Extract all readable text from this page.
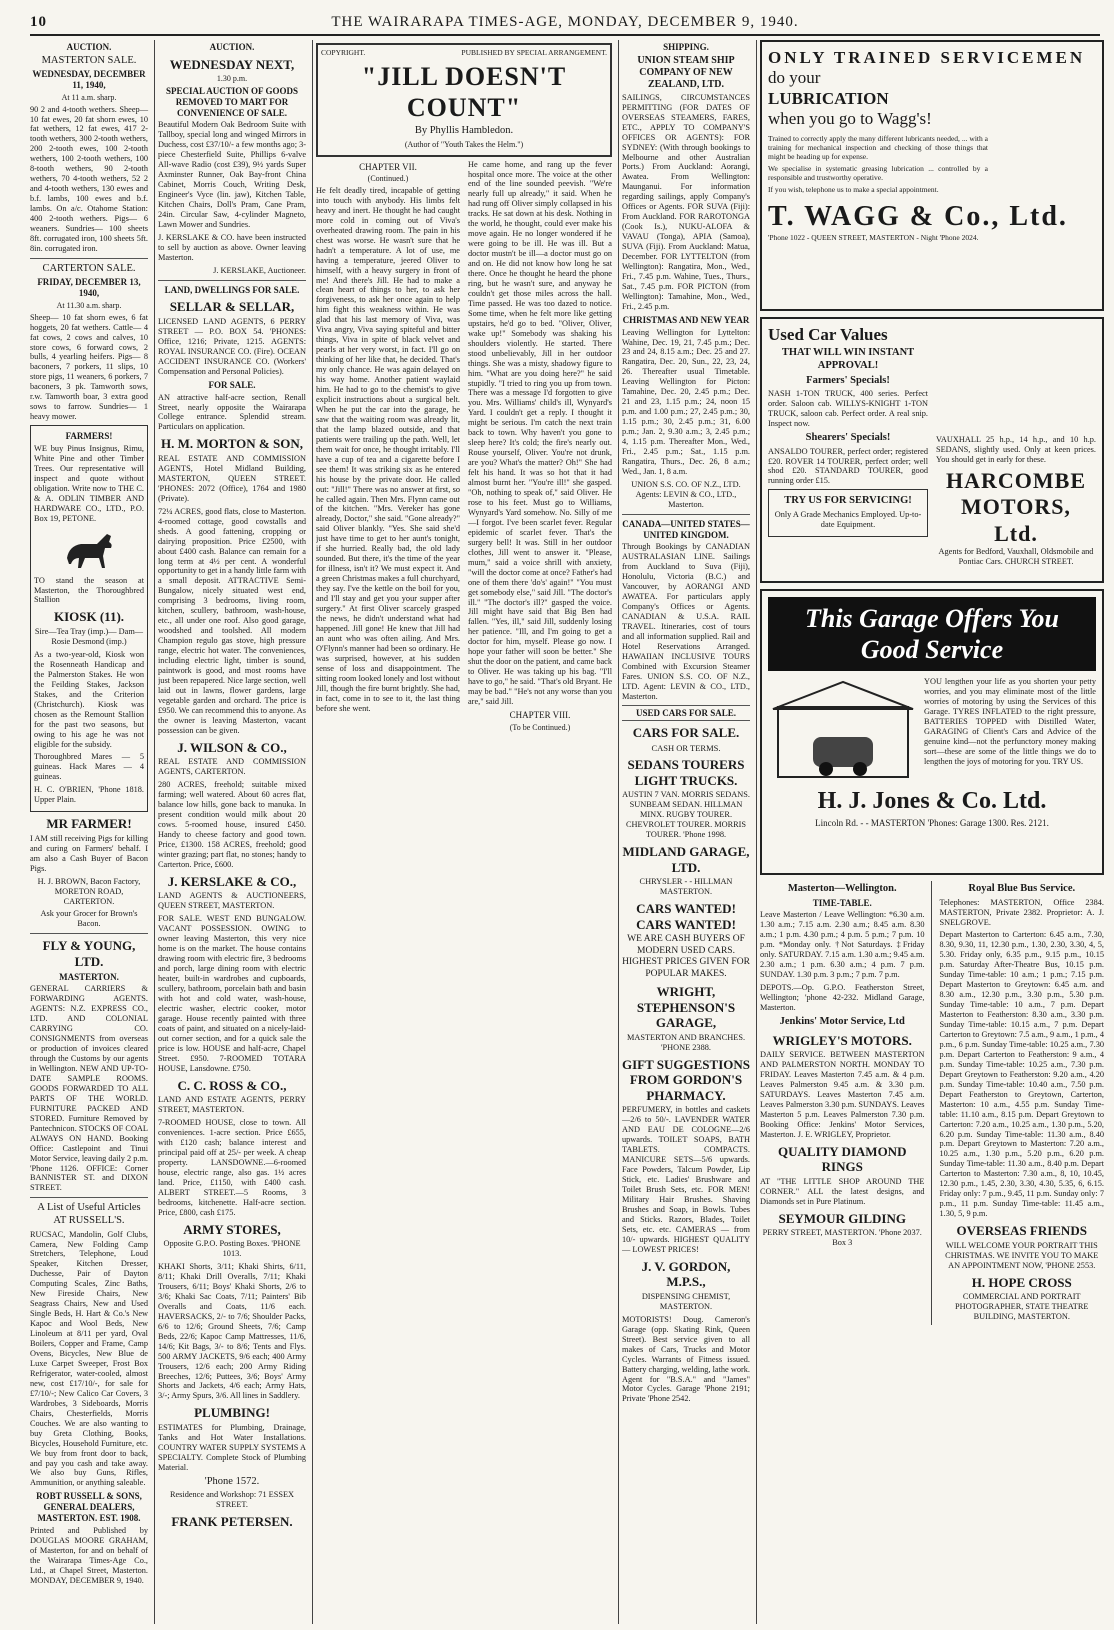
10	THE WAIRARAPA TIMES-AGE, MONDAY, DECEMBER 9, 1940.
AUCTION.
MASTERTON SALE.
WEDNESDAY, DECEMBER 11, 1940,
At 11 a.m. sharp.

90 2 and 4-tooth wethers. Sheep— 10 fat ewes, 20 fat shorn ewes, 10 fat wethers, 12 fat ewes, 417 2-tooth wethers, 300 2-tooth wethers, 200 2-tooth ewes, 100 2-tooth wethers, 100 2-tooth wethers, 100 8-tooth wethers, 90 2-tooth wethers, 70 4-tooth wethers, 52 2 and 4-tooth wethers, 130 ewes and b.f. lambs, 100 ewes and b.f. lambs. On a/c. Otahome Station: 400 2-tooth wethers. Pigs— 6 weaners. Sundries— 100 sheets 8ft. corrugated iron, 100 sheets 5ft. 8in. corrugated iron.

CARTERTON SALE.
FRIDAY, DECEMBER 13, 1940,
At 11.30 a.m. sharp.

Sheep— 10 fat shorn ewes, 6 fat hoggets, 20 fat wethers. Cattle— 4 fat cows, 2 cows and calves, 10 store cows, 6 forward cows, 2 bulls, 4 yearling heifers. Pigs— 8 baconers, 7 porkers, 11 slips, 10 store pigs, 11 weaners, 6 porkers, 7 baconers, 3 pk. Tamworth sows, r.w. Tamworth boar, 3 extra good sows to farrow. Sundries— 1 heavy mower.

FARMERS!

WE buy Pinus Insignus, Rimu, White Pine and other Timber Trees. Our representative will inspect and quote without obligation. Write now to THE C. & A. ODLIN TIMBER AND HARDWARE CO., LTD., P.O. Box 19, PETONE.

TO stand the season at Masterton, the Thoroughbred Stallion

KIOSK (11).

Sire—Tea Tray (imp.)— Dam—Rosie Desmond (imp.)

As a two-year-old, Kiosk won the Rosenneath Handicap and the Palmerston Stakes. He won the Feilding Stakes, Jackson Stakes, and the Criterion (Christchurch). Kiosk was chosen as the Remount Stallion for the past two seasons, but owing to his age he was not eligible for the subsidy.

Thoroughbred Mares — 5 guineas. Hack Mares — 4 guineas.

H. C. O'BRIEN, 'Phone 1818. Upper Plain.

MR FARMER!

I AM still receiving Pigs for killing and curing on Farmers' behalf. I am also a Cash Buyer of Bacon Pigs.

H. J. BROWN, Bacon Factory, MORETON ROAD, CARTERTON.

Ask your Grocer for Brown's Bacon.

FLY & YOUNG, LTD.
MASTERTON.

GENERAL CARRIERS & FORWARDING AGENTS. AGENTS: N.Z. EXPRESS CO., LTD. AND COLONIAL CARRYING CO. CONSIGNMENTS from overseas or production of invoices cleared through the Customs by our agents in Wellington. NEW AND UP-TO-DATE SAMPLE ROOMS. GOODS FORWARDED TO ALL PARTS OF THE WORLD. FURNITURE PACKED AND STORED. Furniture Removed by Pantechnicon. STOCKS OF COAL ALWAYS ON HAND. Booking Office: Castlepoint and Tinui Motor Service, leaving daily 2 p.m. 'Phone 1126. OFFICE: Corner BANNISTER ST. and DIXON STREET.

A List of Useful Articles AT RUSSELL'S.

RUCSAC, Mandolin, Golf Clubs, Camera, New Folding Camp Stretchers, Telephone, Loud Speaker, Kitchen Dresser, Duchesse, Pair of Dayton Computing Scales, Zinc Baths, New Fireside Chairs, New Seagrass Chairs, New and Used Single Beds, H. Hart & Co.'s New Kapoc and Wool Beds, New Linoleum at 8/11 per yard, Oval Boilers, Copper and Frame, Camp Ovens, Bicycles, New Blue de Luxe Carpet Sweeper, Frost Box Refrigerator, water-cooled, almost new, cost £17/10/-, for sale for £7/10/-; New Calico Car Covers, 3 Wardrobes, 3 Sideboards, Morris Chairs, Chesterfields, Morris Couches. We are also wanting to buy Greta Clothing, Books, Bicycles, Household Furniture, etc. We buy from front door to back, and pay you cash and take away. We also buy Guns, Rifles, Ammunition, or anything saleable.

ROBT RUSSELL & SONS, GENERAL DEALERS, MASTERTON. EST. 1908.

Printed and Published by DOUGLAS MOORE GRAHAM, of Masterton, for and on behalf of the Wairarapa Times-Age Co., Ltd., at Chapel Street, Masterton. MONDAY, DECEMBER 9, 1940.

AUCTION.
WEDNESDAY NEXT,
1.30 p.m.
SPECIAL AUCTION OF GOODS REMOVED TO MART FOR CONVENIENCE OF SALE.

Beautiful Modern Oak Bedroom Suite with Tallboy, special long and winged Mirrors in Duchess, cost £37/10/- a few months ago; 3-piece Chesterfield Suite, Phillips 6-valve All-wave Radio (cost £39), 9½ yards Super Axminster Runner, Oak Bay-front China Cabinet, Morris Couch, Writing Desk, Engineer's Vyce (lin. jaw), Kitchen Table, Kitchen Chairs, Doll's Pram, Cane Pram, 24in. Circular Saw, 4-cylinder Magneto, Lawn Mower and Sundries.

J. KERSLAKE & CO. have been instructed to sell by auction as above. Owner leaving Masterton.

J. KERSLAKE, Auctioneer.

LAND, DWELLINGS FOR SALE.
SELLAR & SELLAR,

LICENSED LAND AGENTS, 6 PERRY STREET — P.O. BOX 54. 'PHONES: Office, 1216; Private, 1215. AGENTS: ROYAL INSURANCE CO. (Fire). OCEAN ACCIDENT INSURANCE CO. (Workers' Compensation and Personal Policies).

FOR SALE.

AN attractive half-acre section, Renall Street, nearly opposite the Wairarapa College entrance. Splendid stream. Particulars on application.

H. M. MORTON & SON,

REAL ESTATE AND COMMISSION AGENTS, Hotel Midland Building, MASTERTON, QUEEN STREET. 'PHONES: 2072 (Office), 1764 and 1980 (Private).

72¼ ACRES, good flats, close to Masterton. 4-roomed cottage, good cowstalls and sheds. A good fattening, cropping or dairying proposition. Price £2500, with about £400 cash. Balance can remain for a long term at 4½ per cent. A wonderful opportunity to get in a handy little farm with a small deposit. ATTRACTIVE Semi-Bungalow, nicely situated west end, comprising 3 bedrooms, living room, kitchen, scullery, bathroom, wash-house, etc., all under one roof. Also good garage, woodshed and toolshed. All modern Champion regulo gas stove, high pressure range, electric hot water. The conveniences, including electric light, timber is sound, paintwork is good, and most rooms have just been repapered. Nice large section, well laid out in lawns, flower gardens, large vegetable garden and orchard. The price is £950. We can recommend this to anyone. As the owner is leaving Masterton, vacant possession can be given.

J. WILSON & CO.,

REAL ESTATE AND COMMISSION AGENTS, CARTERTON.

280 ACRES, freehold; suitable mixed farming; well watered. About 60 acres flat, balance low hills, gone back to manuka. In present condition would milk about 20 cows. 5-roomed house, insured £450. Handy to cheese factory and good town. Price, £1300. 158 ACRES, freehold; good winter grazing; part flat, no stones; handy to Carterton. Price, £600.

J. KERSLAKE & CO.,

LAND AGENTS & AUCTIONEERS, QUEEN STREET, MASTERTON.

FOR SALE. WEST END BUNGALOW. VACANT POSSESSION. OWING to owner leaving Masterton, this very nice home is on the market. The house contains drawing room with electric fire, 3 bedrooms and porch, large dining room with electric heater, built-in wardrobes and cupboards, scullery, bathroom, porcelain bath and basin with hot and cold water, wash-house, electric washer, electric cooker, motor garage. House recently painted with three coats of paint, and situated on a nicely-laid-out corner section, and for a quick sale the price is low. HOUSE and half-acre, Chapel Street. £950. 7-ROOMED TOTARA HOUSE, Lansdowne. £750.

C. C. ROSS & CO.,

LAND AND ESTATE AGENTS, PERRY STREET, MASTERTON.

7-ROOMED HOUSE, close to town. All conveniences. 1-acre section. Price £655, with £120 cash; balance interest and principal paid off at 25/- per week. A cheap property. LANSDOWNE.—6-roomed house, electric range, also gas. 1½ acres land. Price, £1150, with £400 cash. ALBERT STREET.—5 Rooms, 3 bedrooms, kitchenette. Half-acre section. Price, £800, cash £175.

ARMY STORES,

Opposite G.P.O. Posting Boxes. 'PHONE 1013.

KHAKI Shorts, 3/11; Khaki Shirts, 6/11, 8/11; Khaki Drill Overalls, 7/11; Khaki Trousers, 6/11; Boys' Khaki Shorts, 2/6 to 3/6; Khaki Sac Coats, 7/11; Painters' Bib Overalls and Coats, 11/6 each. HAVERSACKS, 2/- to 7/6; Shoulder Packs, 6/6 to 12/6; Ground Sheets, 7/6; Camp Beds, 22/6; Kapoc Camp Mattresses, 11/6, 14/6; Kit Bags, 3/- to 8/6; Tents and Flys. 500 ARMY JACKETS, 9/6 each; 400 Army Trousers, 12/6 each; 200 Army Riding Breeches, 12/6; Puttees, 3/6; Boys' Army Shorts and Jackets, 4/6 each; Army Hats, 3/-; Army Spurs, 3/6. All lines in Saddlery.

PLUMBING!

ESTIMATES for Plumbing, Drainage, Tanks and Hot Water Installations. COUNTRY WATER SUPPLY SYSTEMS A SPECIALTY. Complete Stock of Plumbing Material.

'Phone 1572.

Residence and Workshop: 71 ESSEX STREET.

FRANK PETERSEN.
COPYRIGHT.	PUBLISHED BY SPECIAL ARRANGEMENT.
"JILL DOESN'T COUNT"
By Phyllis Hambledon.
(Author of "Youth Takes the Helm.")
CHAPTER VII.
(Continued.)

He felt deadly tired, incapable of getting into touch with anybody. His limbs felt heavy and inert. He thought he had caught more cold in coming out of Viva's overheated drawing room. The pain in his chest was worse. He wasn't sure that he hadn't a temperature. A lot of use, me having a temperature, jeered Oliver to himself, with a heavy surgery in front of me! And there's Jill. He had to make a clean heart of things to her, to ask her forgiveness, to ask her once again to help him fight this weakness within. He was glad that his last memory of Viva, was Viva angry, Viva saying spiteful and bitter things, Viva in spite of black velvet and pearls at her very worst, in fact. I'll go on thinking of her like that, he decided. That's my only chance. He was again delayed on his way home. Another patient waylaid him. He had to go to the chemist's to give explicit instructions about a surgical belt. When he put the car into the garage, he saw that the waiting room was already lit, that the lamp blazed outside, and that patients were trailing up the path. Well, let them wait for once, he thought irritably. I'll have a cup of tea and a cigarette before I see them! It was striking six as he entered his house by the private door. He called out: "Jill!" There was no answer at first, so he called again. Then Mrs. Flynn came out of the kitchen. "Mrs. Vereker has gone already, Doctor," she said. "Gone already?" said Oliver blankly. "Yes. She said she'd just have time to get to her aunt's tonight, if she hurried. Really bad, the old lady sounded. But there, it's the time of the year for illness, isn't it? We must expect it. And a green Christmas makes a full churchyard, they say. I've the kettle on the boil for you, and I'll stay and get you your supper after surgery." At first Oliver scarcely grasped the news, he didn't understand what had happened. Jill gone! He knew that Jill had an aunt who was often ailing. And Mrs. O'Flynn's manner had been so ordinary. He was surprised, however, at his sudden sense of loss and disappointment. The sitting room looked lonely and lost without Jill, though the fire burnt brightly. She had, in fact, come in to see to it, the last thing before she went.

He came home, and rang up the fever hospital once more. The voice at the other end of the line sounded peevish. "We're nearly full up already," it said. When he had rung off Oliver simply collapsed in his tracks. He sat down at his desk. Nothing in the world, he thought, could ever make his move again. He no longer wondered if he were going to be ill. He was ill. But a doctor mustn't be ill—a doctor must go on and on. He did not know how long he sat there. Once he thought he heard the phone ring, but he wasn't sure, and anyway he couldn't get those miles across the hall. Time passed. He was too dazed to notice. Some time, when he felt more like getting upstairs, he'd go to bed. "Oliver, Oliver, wake up!" Somebody was shaking his shoulders violently. He started. There stood unbelievably, Jill in her outdoor things. She was a misty, shadowy figure to him. "What are you doing here?" he said stupidly. "I tried to ring you up from town. There was a message I'd forgotten to give you. Mrs. Williams' child's ill, Wynyard's Yard. I couldn't get a reply. I thought it might be serious. I'm catch the next train back to town. Why haven't you gone to sleep here? It's cold; the fire's nearly out. Rouse yourself, Oliver. You're not drunk, are you? What's the matter? Oh!" She had felt his hand. It was so hot that it had almost burnt her. "You're ill!" she gasped. "Oh, nothing to speak of," said Oliver. He rose to his feet. Must go to Williams, Wynyard's Yard somehow. No. Silly of me—I forgot. I've been scarlet fever. Regular epidemic of scarlet fever. That's the surgery bell! It was. Still in her outdoor clothes, Jill went to answer it. "Please, mum," said a voice shrill with anxiety, "will the doctor come at once? Father's had one of them there 'do's' again!" "You must get somebody else," said Jill. "The doctor's ill." "The doctor's ill?" gasped the voice. Jill might have said that Big Ben had fallen. "Yes, ill," said Jill, suddenly losing her patience. "Ill, and I'm going to get a doctor for him, myself. Please go now. I hope your father will soon be better." She shut the door on the patient, and came back to Oliver. He was taking up his bag. "I'll have to go," he said. "That's old Bryant. He may be bad." "He's not any worse than you are," said Jill.

CHAPTER VIII.
(To be Continued.)
SHIPPING.
UNION STEAM SHIP COMPANY OF NEW ZEALAND, LTD.

SAILINGS, CIRCUMSTANCES PERMITTING (FOR DATES OF OVERSEAS STEAMERS, FARES, ETC., APPLY TO COMPANY'S OFFICES OR AGENTS): FOR SYDNEY: (With through bookings to Melbourne and other Australian Ports.) From Auckland: Aorangi, Awatea. From Wellington: Maunganui. For information regarding sailings, apply Company's Offices or Agents. FOR SUVA (Fiji): From Auckland. FOR RAROTONGA (Cook Is.), NUKU-ALOFA & VAVAU (Tonga), APIA (Samoa), SUVA (Fiji). From Auckland: Matua, December. FOR LYTTELTON (from Wellington): Rangatira, Mon., Wed., Fri., 7.45 p.m. Wahine, Tues., Thurs., Sat., 7.45 p.m. FOR PICTON (from Wellington): Tamahine, Mon., Wed., Fri., 2.45 p.m.

CHRISTMAS AND NEW YEAR

Leaving Wellington for Lyttelton: Wahine, Dec. 19, 21, 7.45 p.m.; Dec. 23 and 24, 8.15 a.m.; Dec. 25 and 27. Rangatira, Dec. 20, Sun., 22, 23, 24, 26. Thereafter usual Timetable. Leaving Wellington for Picton: Tamahine, Dec. 20, 2.45 p.m.; Dec. 21 and 23, 1.15 p.m.; 24, noon 15 p.m. and 1.00 p.m.; 27, 2.45 p.m.; 30, 1.15 p.m.; 30, 2.45 p.m.; 31, 6.00 p.m.; Jan. 2, 9.30 a.m.; 3, 2.45 p.m.; 4, 1.15 p.m. Thereafter Mon., Wed., Fri., 2.45 p.m.; Sat., 1.15 p.m. Rangatira, Thurs., Dec. 26, 8 a.m.; Wed., Jan. 1, 8 a.m.

UNION S.S. CO. OF N.Z., LTD. Agents: LEVIN & CO., LTD., Masterton.

CANADA—UNITED STATES—UNITED KINGDOM.

Through Bookings by CANADIAN AUSTRALASIAN LINE. Sailings from Auckland to Suva (Fiji), Honolulu, Victoria (B.C.) and Vancouver, by AORANGI AND AWATEA. For particulars apply Company's Offices or Agents. CANADIAN & U.S.A. RAIL TRAVEL. Itineraries, cost of tours and all information supplied. Rail and Hotel Reservations Arranged. HAWAIIAN INCLUSIVE TOURS Combined with Excursion Steamer Fares. UNION S.S. CO. OF N.Z., LTD. Agent: LEVIN & CO., LTD., Masterton.

USED CARS FOR SALE.
CARS FOR SALE.
CASH OR TERMS.
SEDANS TOURERS LIGHT TRUCKS.

AUSTIN 7 VAN. MORRIS SEDANS. SUNBEAM SEDAN. HILLMAN MINX. RUGBY TOURER. CHEVROLET TOURER. MORRIS TOURER. 'Phone 1998.

MIDLAND GARAGE, LTD.

CHRYSLER - - HILLMAN MASTERTON.

CARS WANTED! CARS WANTED!

WE ARE CASH BUYERS OF MODERN USED CARS. HIGHEST PRICES GIVEN FOR POPULAR MAKES.

WRIGHT, STEPHENSON'S GARAGE,

MASTERTON AND BRANCHES. 'PHONE 2388.

GIFT SUGGESTIONS FROM GORDON'S PHARMACY.

PERFUMERY, in bottles and caskets—2/6 to 50/-. LAVENDER WATER AND EAU DE COLOGNE—2/6 upwards. TOILET SOAPS, BATH TABLETS. COMPACTS. MANICURE SETS—5/6 upwards. Face Powders, Talcum Powder, Lip Stick, etc. Ladies' Brushware and Toilet Brush Sets, etc. FOR MEN! Military Hair Brushes. Shaving Brushes and Soap, in Bowls. Tubes and Sticks. Razors, Blades, Toilet Sets, etc. etc. CAMERAS — from 10/- upwards. HIGHEST QUALITY— LOWEST PRICES!

J. V. GORDON, M.P.S.,

DISPENSING CHEMIST, MASTERTON.

MOTORISTS! Doug. Cameron's Garage (opp. Skating Rink, Queen Street). Best service given to all makes of Cars, Trucks and Motor Cycles. Warrants of Fitness issued. Battery charging, welding, lathe work. Agent for "B.S.A." and "James" Motor Cycles. Garage 'Phone 2191; Private 'Phone 2542.

ONLY TRAINED SERVICEMEN
do your
LUBRICATION
when you go to Wagg's!

Trained to correctly apply the many different lubricants needed, ... with a training for mechanical inspection and checking of those things that might be heading up for expense.

We specialise in systematic greasing lubrication ... controlled by a responsible and trustworthy operative.

If you wish, telephone us to make a special appointment.

T. WAGG & Co., Ltd.
'Phone 1022 - QUEEN STREET, MASTERTON - Night 'Phone 2024.
Used Car Values
THAT WILL WIN INSTANT APPROVAL!
Farmers' Specials!

NASH 1-TON TRUCK, 400 series. Perfect order. Saloon cab. WILLYS-KNIGHT 1-TON TRUCK, saloon cab. Perfect order. A real snip. Inspect now.

Shearers' Specials!

ANSALDO TOURER, perfect order; registered £20. ROVER 14 TOURER, perfect order; well shod £20. STANDARD TOURER, good running order £15.

TRY US FOR SERVICING!

Only A Grade Mechanics Employed. Up-to-date Equipment.

VAUXHALL 25 h.p., 14 h.p., and 10 h.p. SEDANS, slightly used. Only at keen prices. You should get in early for these.

HARCOMBE MOTORS, Ltd.

Agents for Bedford, Vauxhall, Oldsmobile and Pontiac Cars. CHURCH STREET.

This Garage Offers You Good Service

YOU lengthen your life as you shorten your petty worries, and you may eliminate most of the little worries of motoring by using the Services of this Garage. TYRES INFLATED to the right pressure, BATTERIES TOPPED with Distilled Water, GARAGING of Client's Cars and Advice of the genuine kind—not the perfunctory money making sort—these are some of the little things we do to lengthen the joys of motoring for you. TRY US.

H. J. Jones & Co. Ltd.
Lincoln Rd. - - MASTERTON 'Phones: Garage 1300. Res. 2121.
Masterton—Wellington.
TIME-TABLE.

Leave Masterton / Leave Wellington: *6.30 a.m. 1.30 a.m.; 7.15 a.m. 2.30 a.m.; 8.45 a.m. 8.30 a.m.; 1 p.m. 4.30 p.m.; 4 p.m. 5 p.m.; 7 p.m. 10 p.m. *Monday only. †Not Saturdays. ‡Friday only. SATURDAY. 7.15 a.m. 1.30 a.m.; 9.45 a.m. 2.30 a.m.; 1 p.m. 6.30 a.m.; 4 p.m. 7 p.m. SUNDAY. 1.30 p.m. 3 p.m.; 7 p.m. 7 p.m.

DEPOTS.—Op. G.P.O. Featherston Street, Wellington; 'phone 42-232. Midland Garage, Masterton.

Jenkins' Motor Service, Ltd
WRIGLEY'S MOTORS.

DAILY SERVICE. BETWEEN MASTERTON AND PALMERSTON NORTH. MONDAY TO FRIDAY. Leaves Masterton 7.45 a.m. & 4 p.m. Leaves Palmerston 9.45 a.m. & 3.30 p.m. SATURDAYS. Leaves Masterton 7.45 a.m. Leaves Palmerston 3.30 p.m. SUNDAYS. Leaves Masterton 5 p.m. Leaves Palmerston 7.30 p.m. Booking Office: Jenkins' Motor Services, Masterton. J. E. WRIGLEY, Proprietor.

QUALITY DIAMOND RINGS

AT "THE LITTLE SHOP AROUND THE CORNER." ALL the latest designs, and Diamonds set in Pure Platinum.

SEYMOUR GILDING

PERRY STREET, MASTERTON. 'Phone 2037. Box 3

Royal Blue Bus Service.

Telephones: MASTERTON, Office 2384. MASTERTON, Private 2382. Proprietor: A. J. SNELGROVE.

Depart Masterton to Carterton: 6.45 a.m., 7.30, 8.30, 9.30, 11, 12.30 p.m., 1.30, 2.30, 3.30, 4, 5, 5.30. Friday only, 6.35 p.m., 9.15 p.m., 10.15 p.m. Saturday After-Theatre Bus, 10.15 p.m. Sunday Time-table: 10 a.m.; 1 p.m.; 7.15 p.m. Depart Masterton to Greytown: 6.45 a.m. and 8.30 a.m., 12.30 p.m., 3.30 p.m., 5.30 p.m. Sunday Time-table: 10 a.m., 7 p.m. Depart Masterton to Featherston: 8.30 a.m., 3.30 p.m. Sunday Time-table: 10.15 a.m., 7 p.m. Depart Carterton to Greytown: 7.5 a.m., 9 a.m., 1 p.m., 4 p.m., 6 p.m. Sunday Time-table: 10.25 a.m., 7.30 p.m. Depart Carterton to Featherston: 9 a.m., 4 p.m. Sunday Time-table: 10.25 a.m., 7.30 p.m. Depart Greytown to Featherston: 9.20 a.m., 4.20 p.m. Sunday Time-table: 10.40 a.m., 7.50 p.m. Depart Featherston to Greytown, Carterton, Masterton: 10 a.m., 4.55 p.m. Sunday Time-table: 11.10 a.m., 8.15 p.m. Depart Greytown to Carterton: 7.20 a.m., 10.25 a.m., 1.30 p.m., 5.20, 6.20 p.m. Sunday Time-table: 11.30 a.m., 8.40 p.m. Depart Greytown to Masterton: 7.20 a.m., 10.25 a.m., 1.30 p.m., 5.20 p.m., 6.20 p.m. Sunday Time-table: 11.30 a.m., 8.40 p.m. Depart Carterton to Masterton: 7.30 a.m., 8, 10, 10.45, 12.30 p.m., 1.45, 2.30, 3.30, 4.30, 5.35, 6, 6.15. Friday only: 7 p.m., 9.45, 11 p.m. Sunday only: 7 p.m., 11 p.m. Sunday Time-table: 11.45 a.m., 1.30, 5, 9 p.m.

OVERSEAS FRIENDS

WILL WELCOME YOUR PORTRAIT THIS CHRISTMAS. WE INVITE YOU TO MAKE AN APPOINTMENT NOW, 'PHONE 2553.

H. HOPE CROSS

COMMERCIAL AND PORTRAIT PHOTOGRAPHER, STATE THEATRE BUILDING, MASTERTON.
